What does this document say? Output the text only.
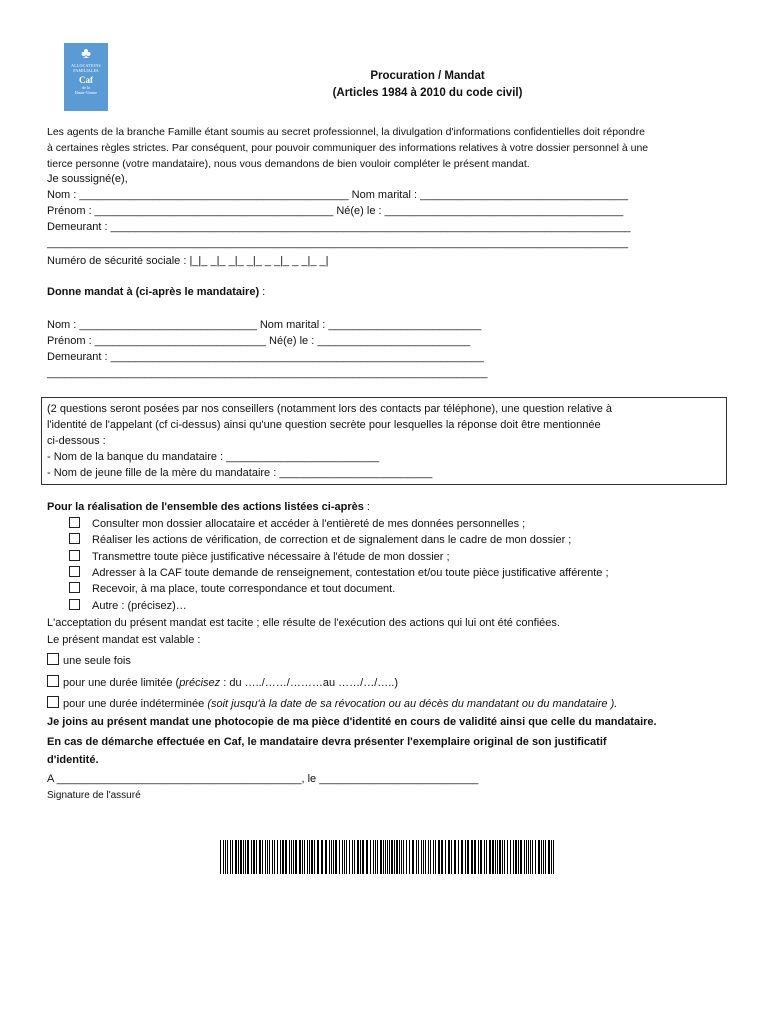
♣
ALLOCATIONS FAMILIALES
Caf
de la
Haute-Vienne
Procuration / Mandat
(Articles 1984 à 2010 du code civil)
Les agents de la branche Famille étant soumis au secret professionnel, la divulgation d'informations confidentielles doit répondre
à certaines règles strictes. Par conséquent, pour pouvoir communiquer des informations relatives à votre dossier personnel à une
tierce personne (votre mandataire), nous vous demandons de bien vouloir compléter le présent mandat.
Je soussigné(e),
Nom : ____________________________________________ Nom marital : __________________________________
Prénom : _______________________________________ Né(e) le : _______________________________________
Demeurant : _____________________________________________________________________________________
_______________________________________________________________________________________________
Numéro de sécurité sociale : |_|_ _|_ _|_ _|_ _ _|_ _ _|_ _|
Donne mandat à (ci-après le mandataire) :
Nom : _____________________________ Nom marital : _________________________
Prénom : ____________________________ Né(e) le : _________________________
Demeurant : _____________________________________________________________
________________________________________________________________________
(2 questions seront posées par nos conseillers (notamment lors des contacts par téléphone), une question relative à
l'identité de l'appelant (cf ci-dessus) ainsi qu'une question secrète pour lesquelles la réponse doit être mentionnée
ci-dessous :
- Nom de la banque du mandataire : _________________________
- Nom de jeune fille de la mère du mandataire : _________________________
Pour la réalisation de l'ensemble des actions listées ci-après :
Consulter mon dossier allocataire et accéder à l'entièreté de mes données personnelles ;
Réaliser les actions de vérification, de correction et de signalement dans le cadre de mon dossier ;
Transmettre toute pièce justificative nécessaire à l'étude de mon dossier ;
Adresser à la CAF toute demande de renseignement, contestation et/ou toute pièce justificative afférente ;
Recevoir, à ma place, toute correspondance et tout document.
Autre : (précisez)…
L'acceptation du présent mandat est tacite ; elle résulte de l'exécution des actions qui lui ont été confiées.
Le présent mandat est valable :
une seule fois
pour une durée limitée (précisez : du …../……/………au ……/…/…..)
pour une durée indéterminée (soit jusqu'à la date de sa révocation ou au décès du mandatant ou du mandataire ).
Je joins au présent mandat une photocopie de ma pièce d'identité en cours de validité ainsi que celle du mandataire.
En cas de démarche effectuée en Caf, le mandataire devra présenter l'exemplaire original de son justificatif
d'identité.
A ________________________________________, le __________________________
Signature de l'assuré
